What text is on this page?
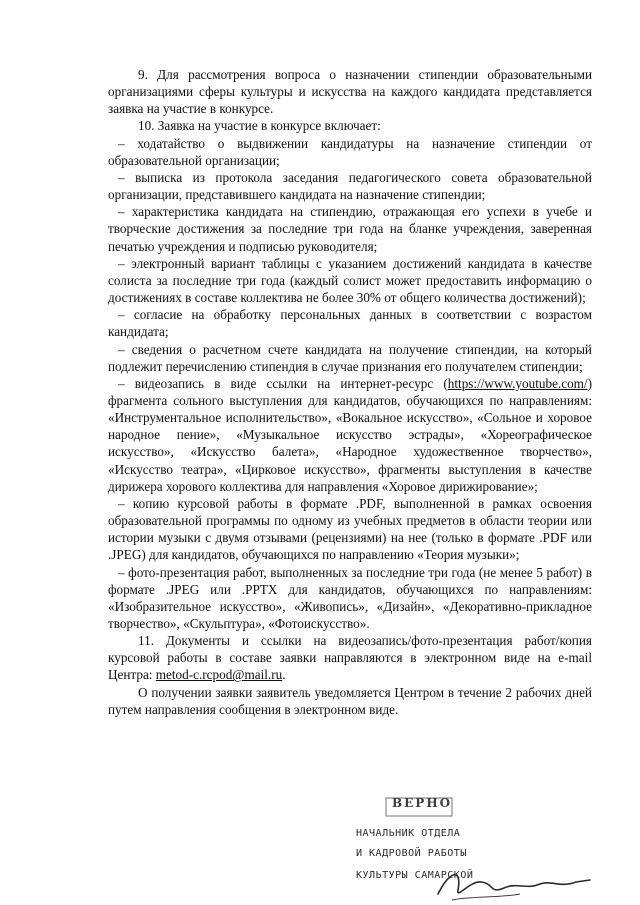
9. Для рассмотрения вопроса о назначении стипендии образовательными организациями сферы культуры и искусства на каждого кандидата представляется заявка на участие в конкурсе.

10. Заявка на участие в конкурсе включает:

– ходатайство о выдвижении кандидатуры на назначение стипендии от образовательной организации;

– выписка из протокола заседания педагогического совета образовательной организации, представившего кандидата на назначение стипендии;

– характеристика кандидата на стипендию, отражающая его успехи в учебе и творческие достижения за последние три года на бланке учреждения, заверенная печатью учреждения и подписью руководителя;

– электронный вариант таблицы с указанием достижений кандидата в качестве солиста за последние три года (каждый солист может предоставить информацию о достижениях в составе коллектива не более 30% от общего количества достижений);

– согласие на обработку персональных данных в соответствии с возрастом кандидата;

– сведения о расчетном счете кандидата на получение стипендии, на который подлежит перечислению стипендия в случае признания его получателем стипендии;

– видеозапись в виде ссылки на интернет-ресурс (https://www.youtube.com/) фрагмента сольного выступления для кандидатов, обучающихся по направлениям: «Инструментальное исполнительство», «Вокальное искусство», «Сольное и хоровое народное пение», «Музыкальное искусство эстрады», «Хореографическое искусство», «Искусство балета», «Народное художественное творчество», «Искусство театра», «Цирковое искусство», фрагменты выступления в качестве дирижера хорового коллектива для направления «Хоровое дирижирование»;

– копию курсовой работы в формате .PDF, выполненной в рамках освоения образовательной программы по одному из учебных предметов в области теории или истории музыки с двумя отзывами (рецензиями) на нее (только в формате .PDF или .JPEG) для кандидатов, обучающихся по направлению «Теория музыки»;

– фото-презентация работ, выполненных за последние три года (не менее 5 работ) в формате .JPEG или .PPTX для кандидатов, обучающихся по направлениям: «Изобразительное искусство», «Живопись», «Дизайн», «Декоративно-прикладное творчество», «Скульптура», «Фотоискусство».

11. Документы и ссылки на видеозапись/фото-презентация работ/копия курсовой работы в составе заявки направляются в электронном виде на e-mail Центра: metod-c.rcpod@mail.ru.

О получении заявки заявитель уведомляется Центром в течение 2 рабочих дней путем направления сообщения в электронном виде.

ВЕРНО
НАЧАЛЬНИК ОТДЕЛА
И КАДРОВОЙ РАБОТЫ
КУЛЬТУРЫ САМАРСКОЙ
